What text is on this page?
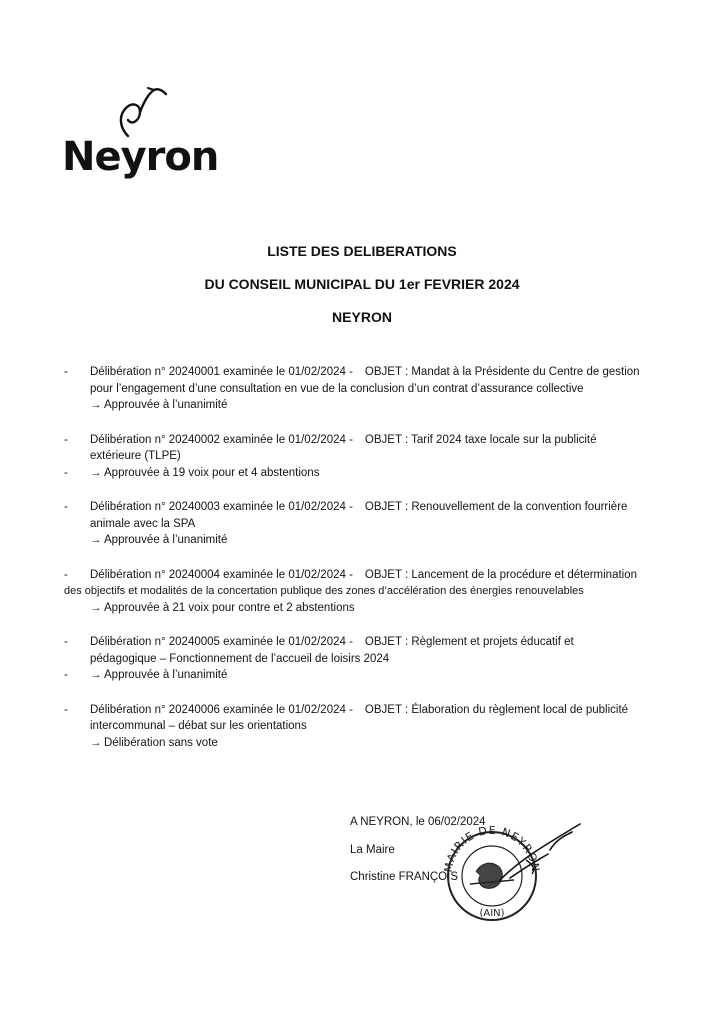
Neyron
LISTE DES DELIBERATIONS
DU CONSEIL MUNICIPAL DU 1er FEVRIER 2024
NEYRON
- Délibération n° 20240001 examinée le 01/02/2024 - OBJET : Mandat à la Présidente du Centre de gestion
pour l’engagement d’une consultation en vue de la conclusion d’un contrat d’assurance collective
→ Approuvée à l’unanimité
-
-
Délibération n° 20240002 examinée le 01/02/2024 - OBJET : Tarif 2024 taxe locale sur la publicité
extérieure (TLPE)
→ Approuvée à 19 voix pour et 4 abstentions
- Délibération n° 20240003 examinée le 01/02/2024 - OBJET : Renouvellement de la convention fourrière
animale avec la SPA
→ Approuvée à l’unanimité
- Délibération n° 20240004 examinée le 01/02/2024 - OBJET : Lancement de la procédure et détermination
des objectifs et modalités de la concertation publique des zones d’accélération des énergies renouvelables
→ Approuvée à 21 voix pour contre et 2 abstentions
-
-
Délibération n° 20240005 examinée le 01/02/2024 - OBJET : Règlement et projets éducatif et
pédagogique – Fonctionnement de l’accueil de loisirs 2024
→ Approuvée à l’unanimité
- Délibération n° 20240006 examinée le 01/02/2024 - OBJET : Élaboration du règlement local de publicité
intercommunal – débat sur les orientations
→ Délibération sans vote
A NEYRON, le 06/02/2024
La Maire
Christine FRANÇOIS
MAIRIE DE NEYRON
(AIN)
